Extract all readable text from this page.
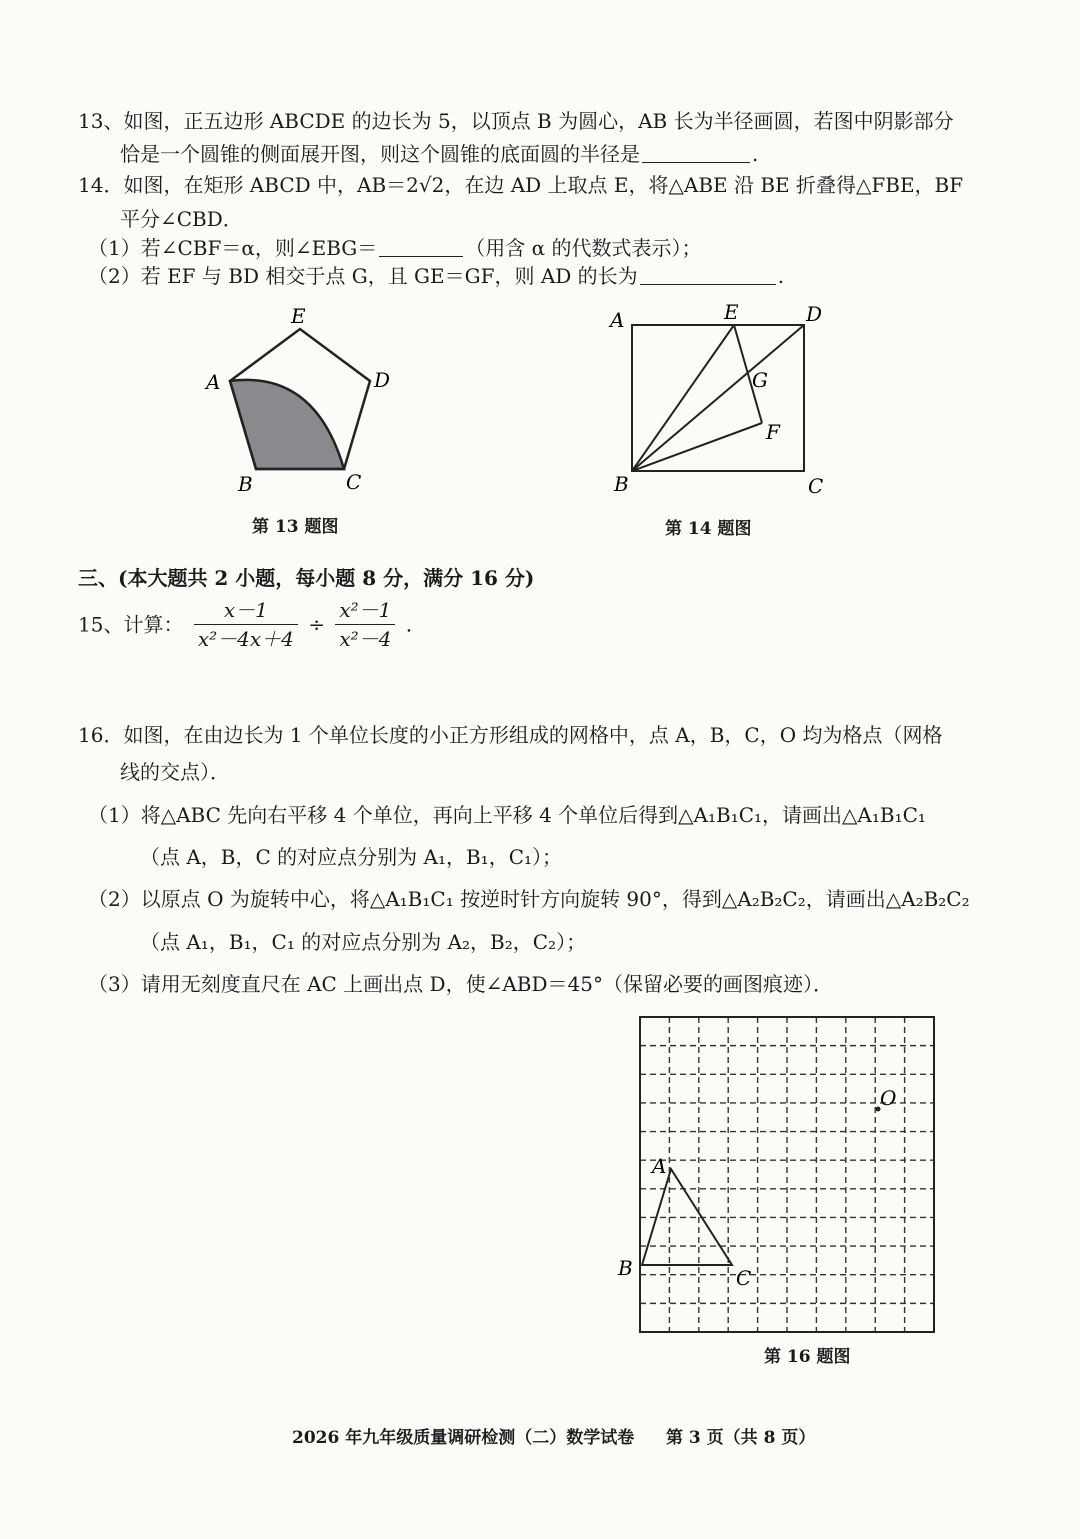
13、如图，正五边形 ABCDE 的边长为 5，以顶点 B 为圆心，AB 长为半径画圆，若图中阴影部分
恰是一个圆锥的侧面展开图，则这个圆锥的底面圆的半径是	.
14．如图，在矩形 ABCD 中，AB＝2√2，在边 AD 上取点 E，将△ABE 沿 BE 折叠得△FBE，BF
平分∠CBD．
（1）若∠CBF＝α，则∠EBG＝	（用含 α 的代数式表示）；
（2）若 EF 与 BD 相交于点 G，且 GE＝GF，则 AD 的长为	.
E
A	D
B	C
第 13 题图
A	E	D
G
F
B	C
第 14 题图
三、(本大题共 2 小题，每小题 8 分，满分 16 分)
15、计算： $\frac{x-1}{\text{x²－4x＋4}} \div \frac{\text{x²－1}}{\text{x²－4}}$ .
16．如图，在由边长为 1 个单位长度的小正方形组成的网格中，点 A，B，C，O 均为格点（网格
线的交点）．
（1）将△ABC 先向右平移 4 个单位，再向上平移 4 个单位后得到△A₁B₁C₁，请画出△A₁B₁C₁
（点 A，B，C 的对应点分别为 A₁，B₁，C₁）；
（2）以原点 O 为旋转中心，将△A₁B₁C₁ 按逆时针方向旋转 90°，得到△A₂B₂C₂，请画出△A₂B₂C₂
（点 A₁，B₁，C₁ 的对应点分别为 A₂，B₂，C₂）；
（3）请用无刻度直尺在 AC 上画出点 D，使∠ABD＝45°（保留必要的画图痕迹）．
O
A
B	C
第 16 题图
2026 年九年级质量调研检测（二）数学试卷 第 3 页（共 8 页）
